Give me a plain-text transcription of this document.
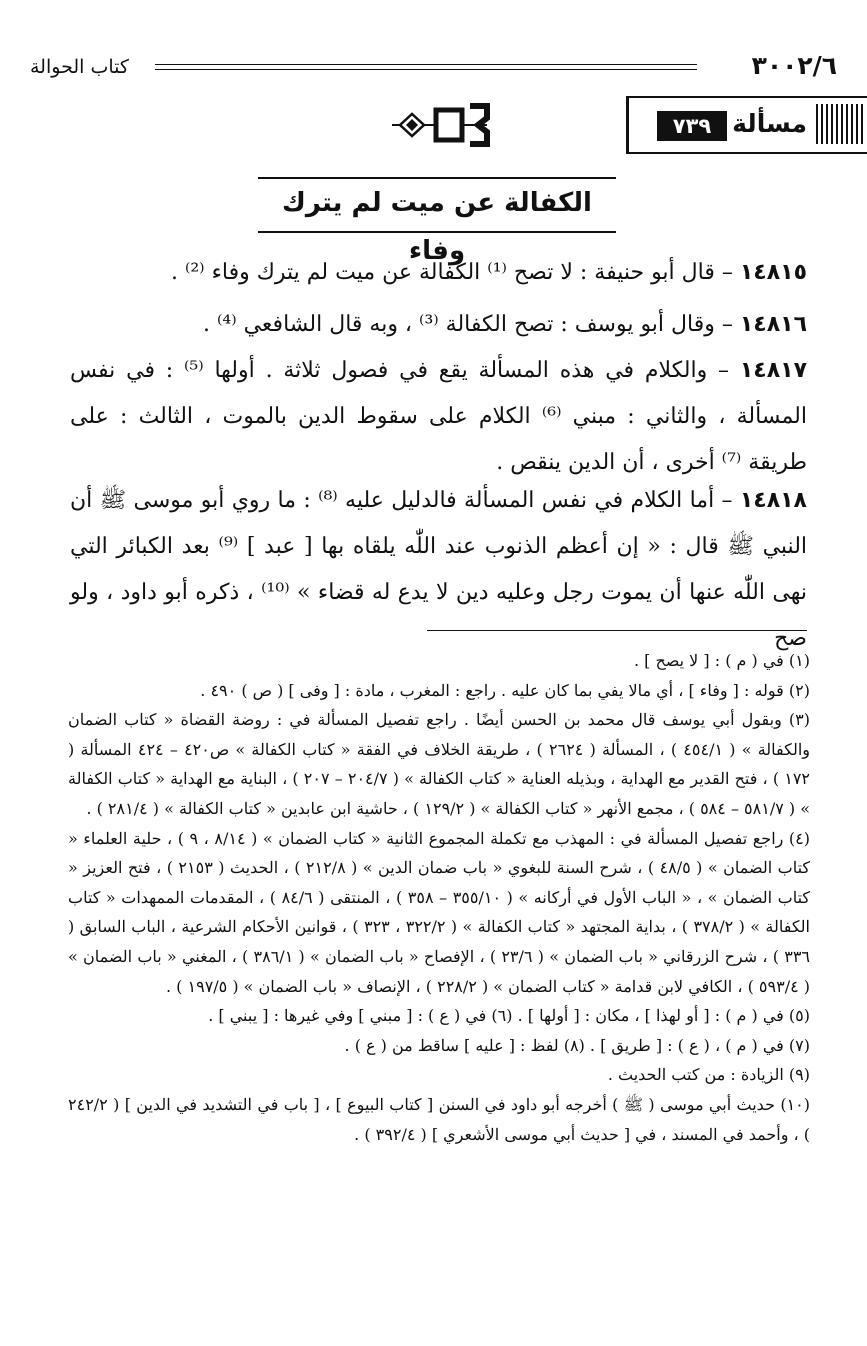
٣٠٠٢/٦
كتاب الحوالة
مسألة
٧٣٩
الكفالة عن ميت لم يترك وفاء
١٤٨١٥ – قال أبو حنيفة : لا تصح ⁽¹⁾ الكفالة عن ميت لم يترك وفاء ⁽²⁾ .
١٤٨١٦ – وقال أبو يوسف : تصح الكفالة ⁽³⁾ ، وبه قال الشافعي ⁽⁴⁾ .
١٤٨١٧ – والكلام في هذه المسألة يقع في فصول ثلاثة . أولها ⁽⁵⁾ : في نفس المسألة ، والثاني : مبني ⁽⁶⁾ الكلام على سقوط الدين بالموت ، الثالث : على طريقة ⁽⁷⁾ أخرى ، أن الدين ينقص .
١٤٨١٨ – أما الكلام في نفس المسألة فالدليل عليه ⁽⁸⁾ : ما روي أبو موسى ﷺ أن النبي ﷺ قال : « إن أعظم الذنوب عند اللّٰه يلقاه بها [ عبد ] ⁽⁹⁾ بعد الكبائر التي نهى اللّٰه عنها أن يموت رجل وعليه دين لا يدع له قضاء » ⁽¹⁰⁾ ، ذكره أبو داود ، ولو صح
(١) في ( م ) : [ لا يصح ] .
(٢) قوله : [ وفاء ] ، أي مالا يفي بما كان عليه . راجع : المغرب ، مادة : [ وفى ] ( ص ) ٤٩٠ .
(٣) وبقول أبي يوسف قال محمد بن الحسن أيضًا . راجع تفصيل المسألة في : روضة القضاة « كتاب الضمان والكفالة » ( ٤٥٤/١ ) ، المسألة ( ٢٦٢٤ ) ، طريقة الخلاف في الفقة « كتاب الكفالة » ص٤٢٠ – ٤٢٤ المسألة ( ١٧٢ ) ، فتح القدير مع الهداية ، وبذيله العناية « كتاب الكفالة » ( ٢٠٤/٧ – ٢٠٧ ) ، البناية مع الهداية « كتاب الكفالة » ( ٥٨١/٧ – ٥٨٤ ) ، مجمع الأنهر « كتاب الكفالة » ( ١٢٩/٢ ) ، حاشية ابن عابدين « كتاب الكفالة » ( ٢٨١/٤ ) .
(٤) راجع تفصيل المسألة في : المهذب مع تكملة المجموع الثانية « كتاب الضمان » ( ٨/١٤ ، ٩ ) ، حلية العلماء « كتاب الضمان » ( ٤٨/٥ ) ، شرح السنة للبغوي « باب ضمان الدين » ( ٢١٢/٨ ) ، الحديث ( ٢١٥٣ ) ، فتح العزيز « كتاب الضمان » ، « الباب الأول في أركانه » ( ٣٥٥/١٠ – ٣٥٨ ) ، المنتقى ( ٨٤/٦ ) ، المقدمات الممهدات « كتاب الكفالة » ( ٣٧٨/٢ ) ، بداية المجتهد « كتاب الكفالة » ( ٣٢٢/٢ ، ٣٢٣ ) ، قوانين الأحكام الشرعية ، الباب السابق ( ٣٣٦ ) ، شرح الزرقاني « باب الضمان » ( ٢٣/٦ ) ، الإفصاح « باب الضمان » ( ٣٨٦/١ ) ، المغني « باب الضمان » ( ٥٩٣/٤ ) ، الكافي لابن قدامة « كتاب الضمان » ( ٢٢٨/٢ ) ، الإنصاف « باب الضمان » ( ١٩٧/٥ ) .
(٥) في ( م ) : [ أو لهذا ] ، مكان : [ أولها ] . (٦) في ( ع ) : [ مبني ] وفي غيرها : [ يبني ] .
(٧) في ( م ) ، ( ع ) : [ طريق ] . (٨) لفظ : [ عليه ] ساقط من ( ع ) .
(٩) الزيادة : من كتب الحديث .
(١٠) حديث أبي موسى ( ﷺ ) أخرجه أبو داود في السنن [ كتاب البيوع ] ، [ باب في التشديد في الدين ] ( ٢٤٢/٢ ) ، وأحمد في المسند ، في [ حديث أبي موسى الأشعري ] ( ٣٩٢/٤ ) .
